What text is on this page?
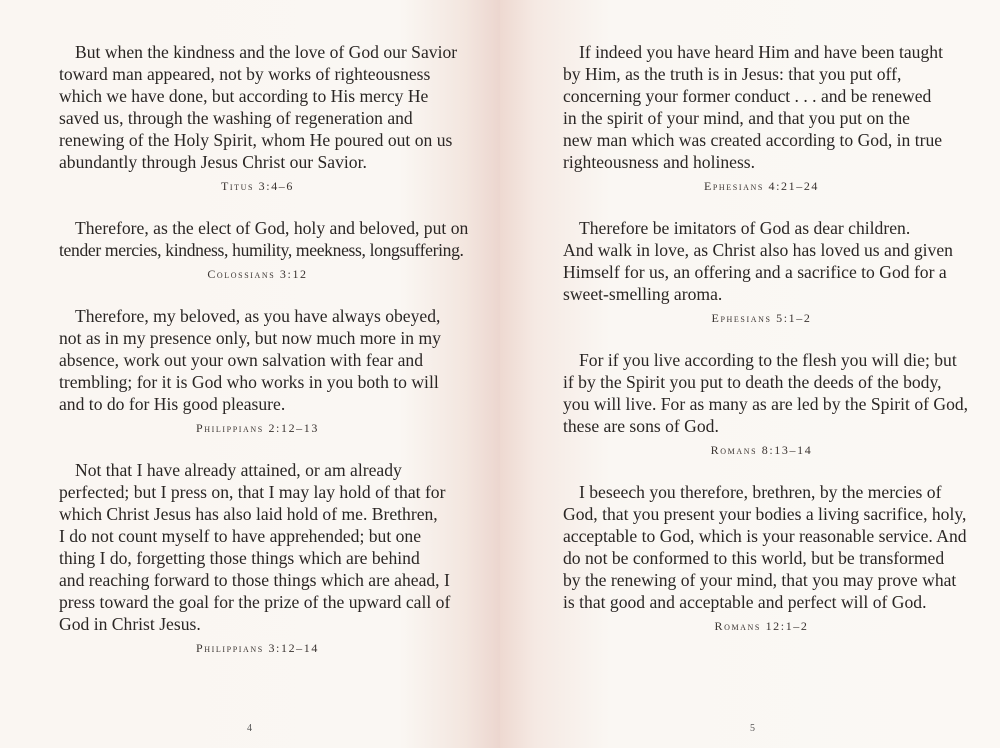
But when the kindness and the love of God our Savior
toward man appeared, not by works of righteousness
which we have done, but according to His mercy He
saved us, through the washing of regeneration and
renewing of the Holy Spirit, whom He poured out on us
abundantly through Jesus Christ our Savior.

Titus 3:4–6

Therefore, as the elect of God, holy and beloved, put on
tender mercies, kindness, humility, meekness, longsuffering.

Colossians 3:12

Therefore, my beloved, as you have always obeyed,
not as in my presence only, but now much more in my
absence, work out your own salvation with fear and
trembling; for it is God who works in you both to will
and to do for His good pleasure.

Philippians 2:12–13

Not that I have already attained, or am already
perfected; but I press on, that I may lay hold of that for
which Christ Jesus has also laid hold of me. Brethren,
I do not count myself to have apprehended; but one
thing I do, forgetting those things which are behind
and reaching forward to those things which are ahead, I
press toward the goal for the prize of the upward call of
God in Christ Jesus.

Philippians 3:12–14
4

If indeed you have heard Him and have been taught
by Him, as the truth is in Jesus: that you put off,
concerning your former conduct . . . and be renewed
in the spirit of your mind, and that you put on the
new man which was created according to God, in true
righteousness and holiness.

Ephesians 4:21–24

Therefore be imitators of God as dear children.
And walk in love, as Christ also has loved us and given
Himself for us, an offering and a sacrifice to God for a
sweet-smelling aroma.

Ephesians 5:1–2

For if you live according to the flesh you will die; but
if by the Spirit you put to death the deeds of the body,
you will live. For as many as are led by the Spirit of God,
these are sons of God.

Romans 8:13–14

I beseech you therefore, brethren, by the mercies of
God, that you present your bodies a living sacrifice, holy,
acceptable to God, which is your reasonable service. And
do not be conformed to this world, but be transformed
by the renewing of your mind, that you may prove what
is that good and acceptable and perfect will of God.

Romans 12:1–2
5
